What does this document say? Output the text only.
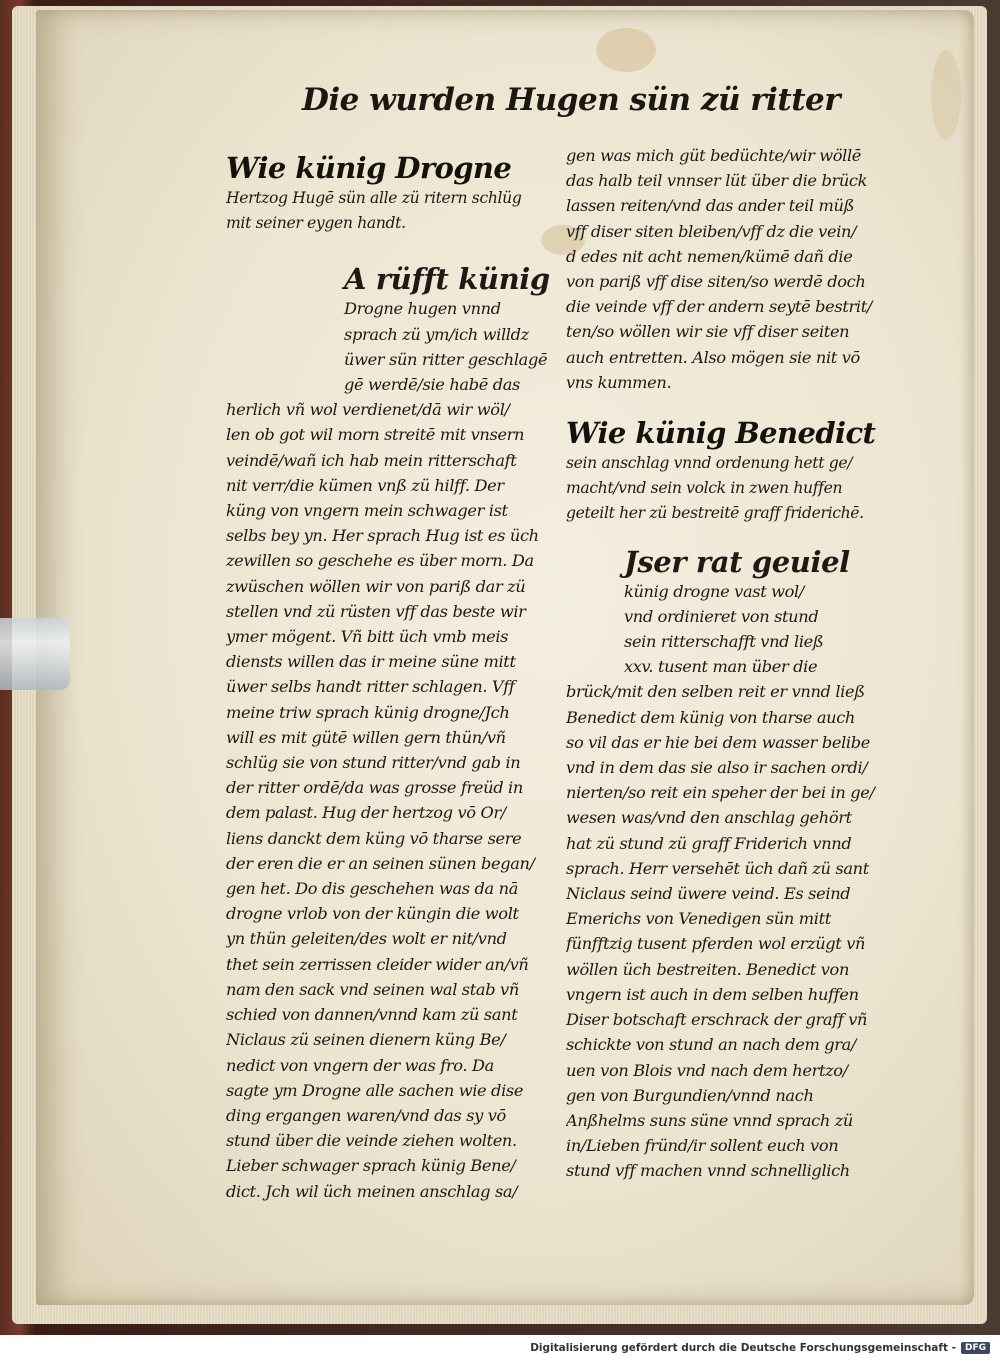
Die wurden Hugen sün zü ritter
Wie künig Drogne
Hertzog Hugē sün alle zü ritern schlüg
mit seiner eygen handt.
A rüfft künig
Drogne hugen vnnd
sprach zü ym/ich willdz
üwer sün ritter geschlagē
gē werdē/sie habē das
herlich vñ wol verdienet/dā wir wöl/
len ob got wil morn streitē mit vnsern
veindē/wañ ich hab mein ritterschaft
nit verr/die kümen vnß zü hilff. Der
küng von vngern mein schwager ist
selbs bey yn. Her sprach Hug ist es üch
zewillen so geschehe es über morn. Da
zwüschen wöllen wir von pariß dar zü
stellen vnd zü rüsten vff das beste wir
ymer mögent. Vñ bitt üch vmb meis
diensts willen das ir meine süne mitt
üwer selbs handt ritter schlagen. Vff
meine triw sprach künig drogne/Jch
will es mit gütē willen gern thün/vñ
schlüg sie von stund ritter/vnd gab in
der ritter ordē/da was grosse freüd in
dem palast. Hug der hertzog vō Or/
liens danckt dem küng vō tharse sere
der eren die er an seinen sünen began/
gen het. Do dis geschehen was da nā
drogne vrlob von der küngin die wolt
yn thün geleiten/des wolt er nit/vnd
thet sein zerrissen cleider wider an/vñ
nam den sack vnd seinen wal stab vñ
schied von dannen/vnnd kam zü sant
Niclaus zü seinen dienern küng Be/
nedict von vngern der was fro. Da
sagte ym Drogne alle sachen wie dise
ding ergangen waren/vnd das sy vō
stund über die veinde ziehen wolten.
Lieber schwager sprach künig Bene/
dict. Jch wil üch meinen anschlag sa/
gen was mich güt bedüchte/wir wöllē
das halb teil vnnser lüt über die brück
lassen reiten/vnd das ander teil müß
vff diser siten bleiben/vff dz die vein/
d edes nit acht nemen/kümē dañ die
von pariß vff dise siten/so werdē doch
die veinde vff der andern seytē bestrit/
ten/so wöllen wir sie vff diser seiten
auch entretten. Also mögen sie nit vō
vns kummen.
Wie künig Benedict
sein anschlag vnnd ordenung hett ge/
macht/vnd sein volck in zwen huffen
geteilt her zü bestreitē graff friderichē.
Jser rat geuiel
künig drogne vast wol/
vnd ordinieret von stund
sein ritterschafft vnd ließ
xxv. tusent man über die
brück/mit den selben reit er vnnd ließ
Benedict dem künig von tharse auch
so vil das er hie bei dem wasser belibe
vnd in dem das sie also ir sachen ordi/
nierten/so reit ein speher der bei in ge/
wesen was/vnd den anschlag gehört
hat zü stund zü graff Friderich vnnd
sprach. Herr versehēt üch dañ zü sant
Niclaus seind üwere veind. Es seind
Emerichs von Venedigen sün mitt
fünfftzig tusent pferden wol erzügt vñ
wöllen üch bestreiten. Benedict von
vngern ist auch in dem selben huffen
Diser botschaft erschrack der graff vñ
schickte von stund an nach dem gra/
uen von Blois vnd nach dem hertzo/
gen von Burgundien/vnnd nach
Anßhelms suns süne vnnd sprach zü
in/Lieben fründ/ir sollent euch von
stund vff machen vnnd schnelliglich
Digitalisierung gefördert durch die Deutsche Forschungsgemeinschaft -	DFG
